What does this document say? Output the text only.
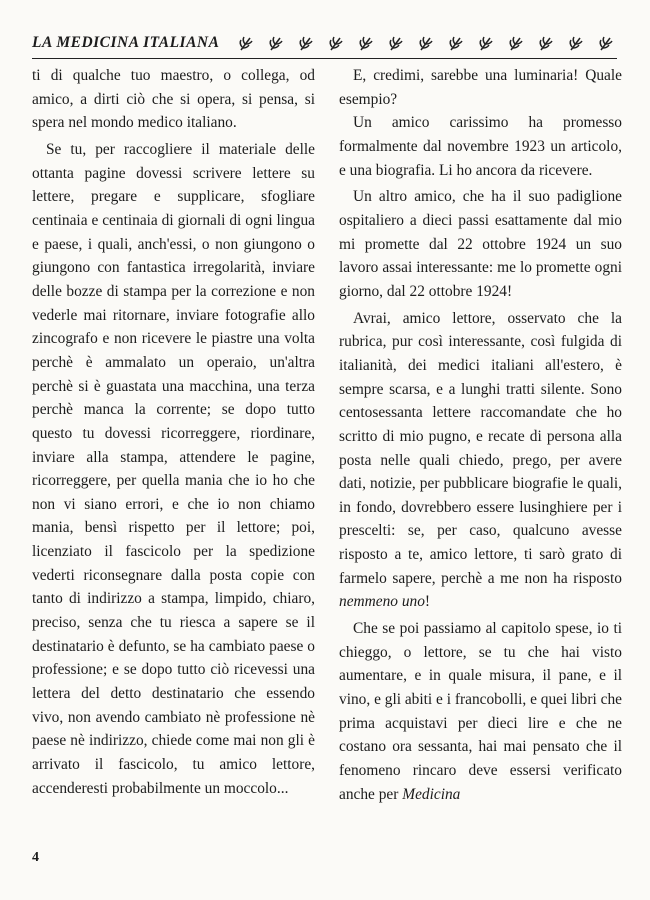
LA MEDICINA ITALIANA

ti di qualche tuo maestro, o collega, od amico, a dirti ciò che si opera, si pensa, si spera nel mondo medico italiano.

Se tu, per raccogliere il materiale delle ottanta pagine dovessi scrivere lettere su lettere, pregare e supplicare, sfogliare centinaia e centinaia di giornali di ogni lingua e paese, i quali, anch'essi, o non giungono o giungono con fantastica irregolarità, inviare delle bozze di stampa per la correzione e non vederle mai ritornare, inviare fotografie allo zincografo e non ricevere le piastre una volta perchè è ammalato un operaio, un'altra perchè si è guastata una macchina, una terza perchè manca la corrente; se dopo tutto questo tu dovessi ricorreggere, riordinare, inviare alla stampa, attendere le pagine, ricorreggere, per quella mania che io ho che non vi siano errori, e che io non chiamo mania, bensì rispetto per il lettore; poi, licenziato il fascicolo per la spedizione vederti riconsegnare dalla posta copie con tanto di indirizzo a stampa, limpido, chiaro, preciso, senza che tu riesca a sapere se il destinatario è defunto, se ha cambiato paese o professione; e se dopo tutto ciò ricevessi una lettera del detto destinatario che essendo vivo, non avendo cambiato nè professione nè paese nè indirizzo, chiede come mai non gli è arrivato il fascicolo, tu amico lettore, accenderesti probabilmente un moccolo...

E, credimi, sarebbe una luminaria! Quale esempio?

Un amico carissimo ha promesso formalmente dal novembre 1923 un articolo, e una biografia. Li ho ancora da ricevere.

Un altro amico, che ha il suo padiglione ospitaliero a dieci passi esattamente dal mio mi promette dal 22 ottobre 1924 un suo lavoro assai interessante: me lo promette ogni giorno, dal 22 ottobre 1924!

Avrai, amico lettore, osservato che la rubrica, pur così interessante, così fulgida di italianità, dei medici italiani all'estero, è sempre scarsa, e a lunghi tratti silente. Sono centosessanta lettere raccomandate che ho scritto di mio pugno, e recate di persona alla posta nelle quali chiedo, prego, per avere dati, notizie, per pubblicare biografie le quali, in fondo, dovrebbero essere lusinghiere per i prescelti: se, per caso, qualcuno avesse risposto a te, amico lettore, ti sarò grato di farmelo sapere, perchè a me non ha risposto nemmeno uno!

Che se poi passiamo al capitolo spese, io ti chieggo, o lettore, se tu che hai visto aumentare, e in quale misura, il pane, e il vino, e gli abiti e i francobolli, e quei libri che prima acquistavi per dieci lire e che ne costano ora sessanta, hai mai pensato che il fenomeno rincaro deve essersi verificato anche per Medicina

4
